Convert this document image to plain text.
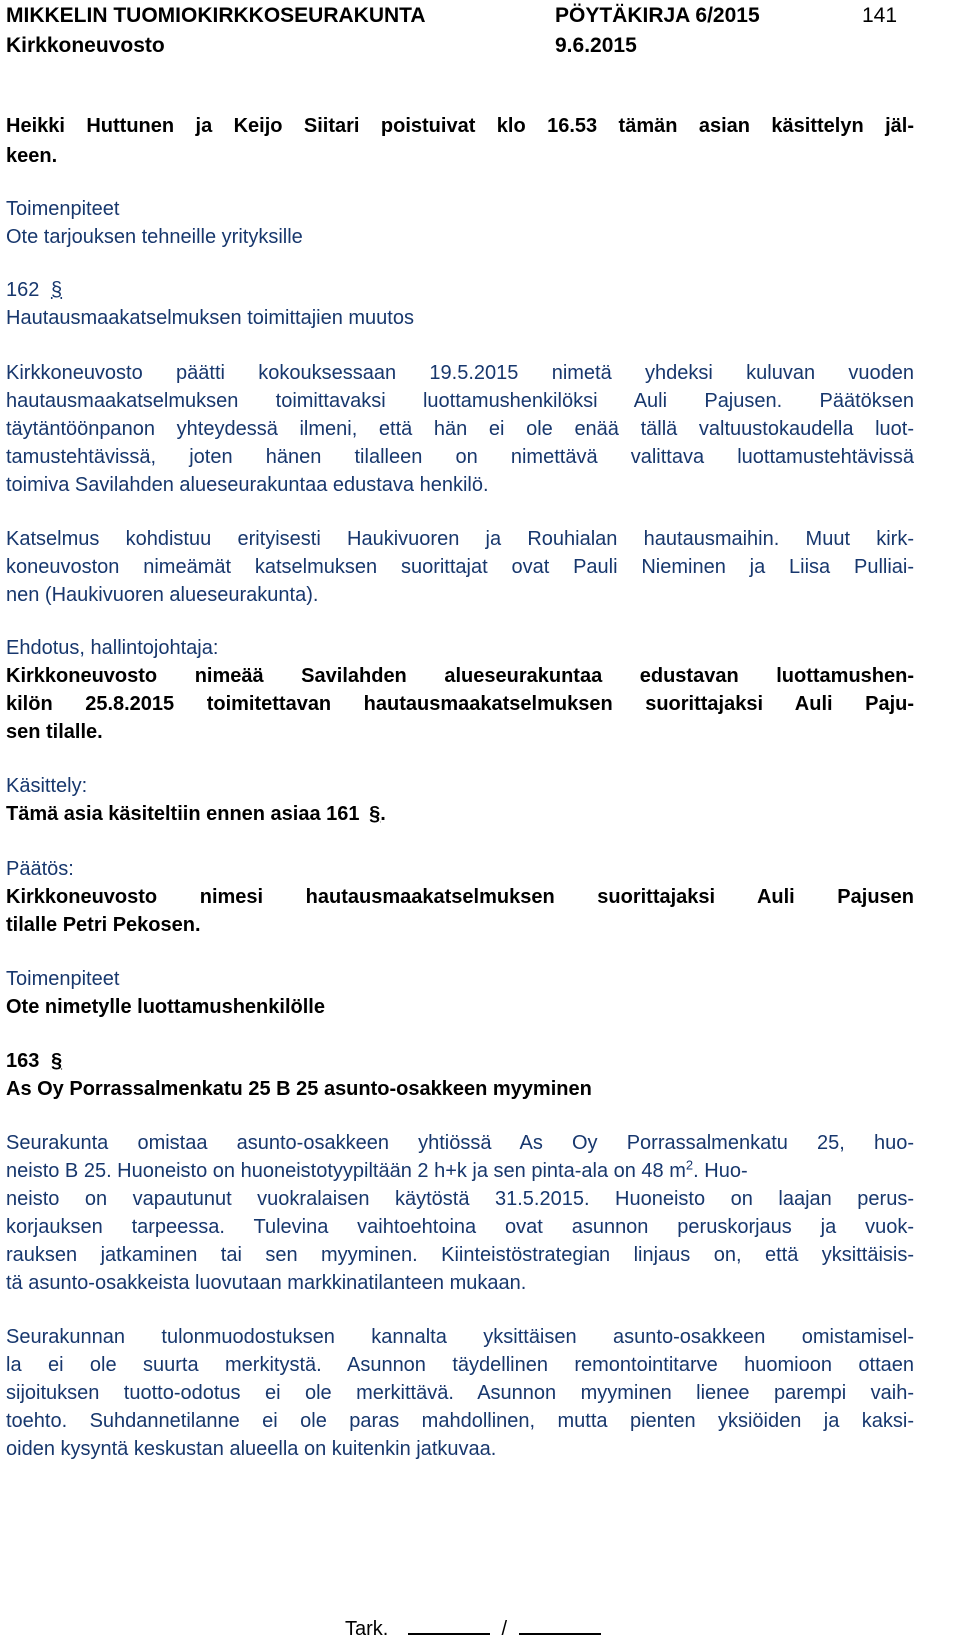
MIKKELIN TUOMIOKIRKKOSEURAKUNTA	PÖYTÄKIRJA 6/2015	141
Kirkkoneuvosto	9.6.2015
Heikki Huttunen ja Keijo Siitari poistuivat klo 16.53 tämän asian käsittelyn jäl-
keen.
Toimenpiteet
Ote tarjouksen tehneille yrityksille
162 §
Hautausmaakatselmuksen toimittajien muutos
Kirkkoneuvosto päätti kokouksessaan 19.5.2015 nimetä yhdeksi kuluvan vuoden
hautausmaakatselmuksen toimittavaksi luottamushenkilöksi Auli Pajusen. Päätöksen
täytäntöönpanon yhteydessä ilmeni, että hän ei ole enää tällä valtuustokaudella luot-
tamustehtävissä, joten hänen tilalleen on nimettävä valittava luottamustehtävissä
toimiva Savilahden alueseurakuntaa edustava henkilö.
Katselmus kohdistuu erityisesti Haukivuoren ja Rouhialan hautausmaihin. Muut kirk-
koneuvoston nimeämät katselmuksen suorittajat ovat Pauli Nieminen ja Liisa Pulliai-
nen (Haukivuoren alueseurakunta).
Ehdotus, hallintojohtaja:
Kirkkoneuvosto nimeää Savilahden alueseurakuntaa edustavan luottamushen-
kilön 25.8.2015 toimitettavan hautausmaakatselmuksen suorittajaksi Auli Paju-
sen tilalle.
Käsittely:
Tämä asia käsiteltiin ennen asiaa 161 §.
Päätös:
Kirkkoneuvosto nimesi hautausmaakatselmuksen suorittajaksi Auli Pajusen
tilalle Petri Pekosen.
Toimenpiteet
Ote nimetylle luottamushenkilölle
163 §
As Oy Porrassalmenkatu 25 B 25 asunto-osakkeen myyminen
Seurakunta omistaa asunto-osakkeen yhtiössä As Oy Porrassalmenkatu 25, huo-
neisto B 25. Huoneisto on huoneistotyypiltään 2 h+k ja sen pinta-ala on 48 $m^2$. Huo-
neisto on vapautunut vuokralaisen käytöstä 31.5.2015. Huoneisto on laajan perus-
korjauksen tarpeessa. Tulevina vaihtoehtoina ovat asunnon peruskorjaus ja vuok-
rauksen jatkaminen tai sen myyminen. Kiinteistöstrategian linjaus on, että yksittäisis-
tä asunto-osakkeista luovutaan markkinatilanteen mukaan.
Seurakunnan tulonmuodostuksen kannalta yksittäisen asunto-osakkeen omistamisel-
la ei ole suurta merkitystä. Asunnon täydellinen remontointitarve huomioon ottaen
sijoituksen tuotto-odotus ei ole merkittävä. Asunnon myyminen lienee parempi vaih-
toehto. Suhdannetilanne ei ole paras mahdollinen, mutta pienten yksiöiden ja kaksi-
oiden kysyntä keskustan alueella on kuitenkin jatkuvaa.
Tark.	/
